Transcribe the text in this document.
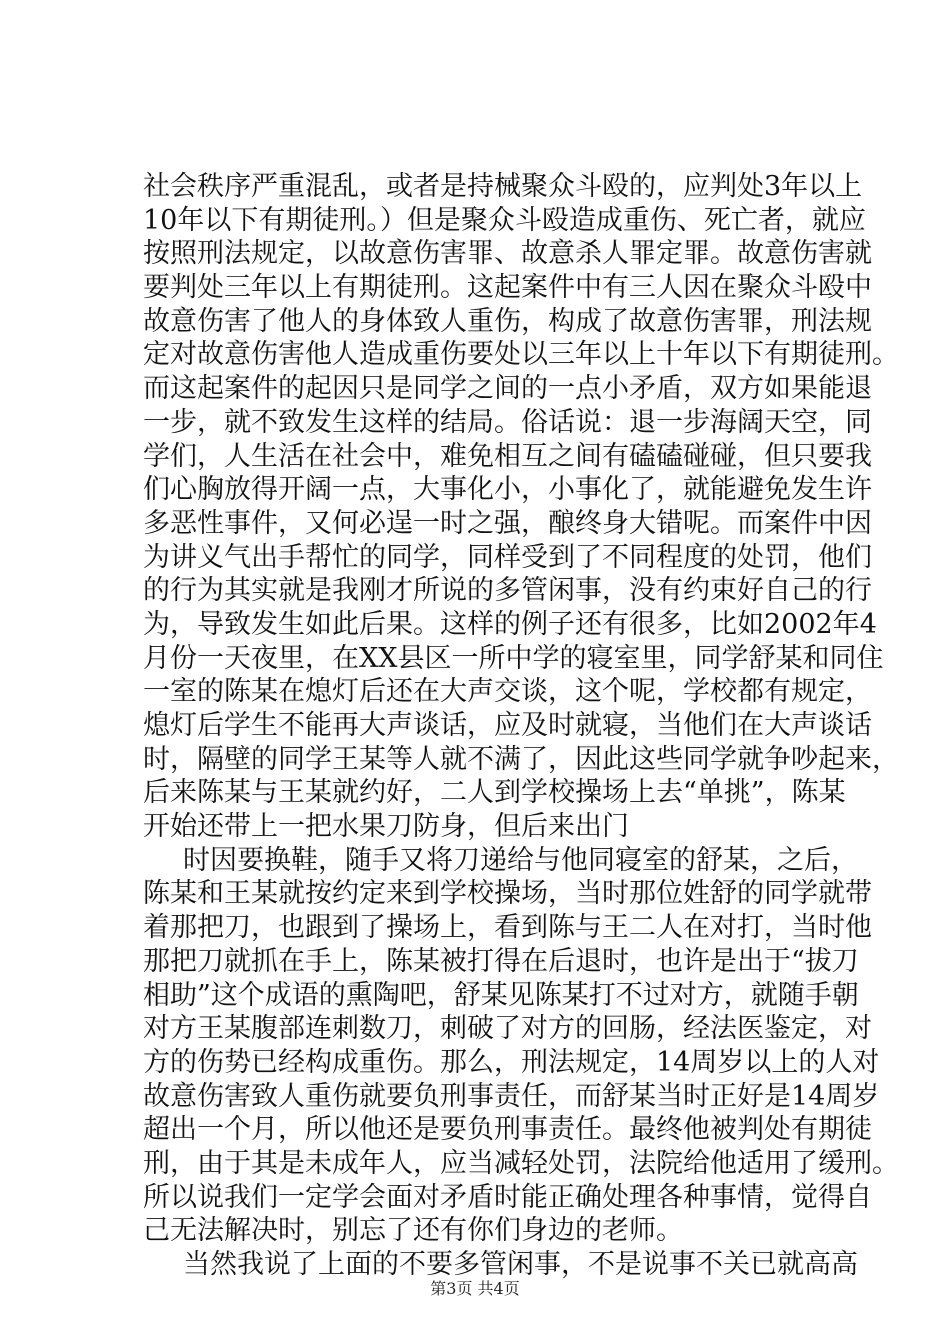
社会秩序严重混乱，或者是持械聚众斗殴的，应判处3年以上
10年以下有期徒刑。）但是聚众斗殴造成重伤、死亡者，就应
按照刑法规定，以故意伤害罪、故意杀人罪定罪。故意伤害就
要判处三年以上有期徒刑。这起案件中有三人因在聚众斗殴中
故意伤害了他人的身体致人重伤，构成了故意伤害罪，刑法规
定对故意伤害他人造成重伤要处以三年以上十年以下有期徒刑。
而这起案件的起因只是同学之间的一点小矛盾，双方如果能退
一步，就不致发生这样的结局。俗话说：退一步海阔天空，同
学们，人生活在社会中，难免相互之间有磕磕碰碰，但只要我
们心胸放得开阔一点，大事化小，小事化了，就能避免发生许
多恶性事件，又何必逞一时之强，酿终身大错呢。而案件中因
为讲义气出手帮忙的同学，同样受到了不同程度的处罚，他们
的行为其实就是我刚才所说的多管闲事，没有约束好自己的行
为，导致发生如此后果。这样的例子还有很多，比如2002年4
月份一天夜里，在XX县区一所中学的寝室里，同学舒某和同住
一室的陈某在熄灯后还在大声交谈，这个呢，学校都有规定，
熄灯后学生不能再大声谈话，应及时就寝，当他们在大声谈话
时，隔壁的同学王某等人就不满了，因此这些同学就争吵起来，
后来陈某与王某就约好，二人到学校操场上去“单挑”，陈某
开始还带上一把水果刀防身，但后来出门
时因要换鞋，随手又将刀递给与他同寝室的舒某，之后，
陈某和王某就按约定来到学校操场，当时那位姓舒的同学就带
着那把刀，也跟到了操场上，看到陈与王二人在对打，当时他
那把刀就抓在手上，陈某被打得在后退时，也许是出于“拔刀
相助”这个成语的熏陶吧，舒某见陈某打不过对方，就随手朝
对方王某腹部连刺数刀，刺破了对方的回肠，经法医鉴定，对
方的伤势已经构成重伤。那么，刑法规定，14周岁以上的人对
故意伤害致人重伤就要负刑事责任，而舒某当时正好是14周岁
超出一个月，所以他还是要负刑事责任。最终他被判处有期徒
刑，由于其是未成年人，应当减轻处罚，法院给他适用了缓刑。
所以说我们一定学会面对矛盾时能正确处理各种事情，觉得自
己无法解决时，别忘了还有你们身边的老师。
当然我说了上面的不要多管闲事，不是说事不关已就高高
第3页 共4页
